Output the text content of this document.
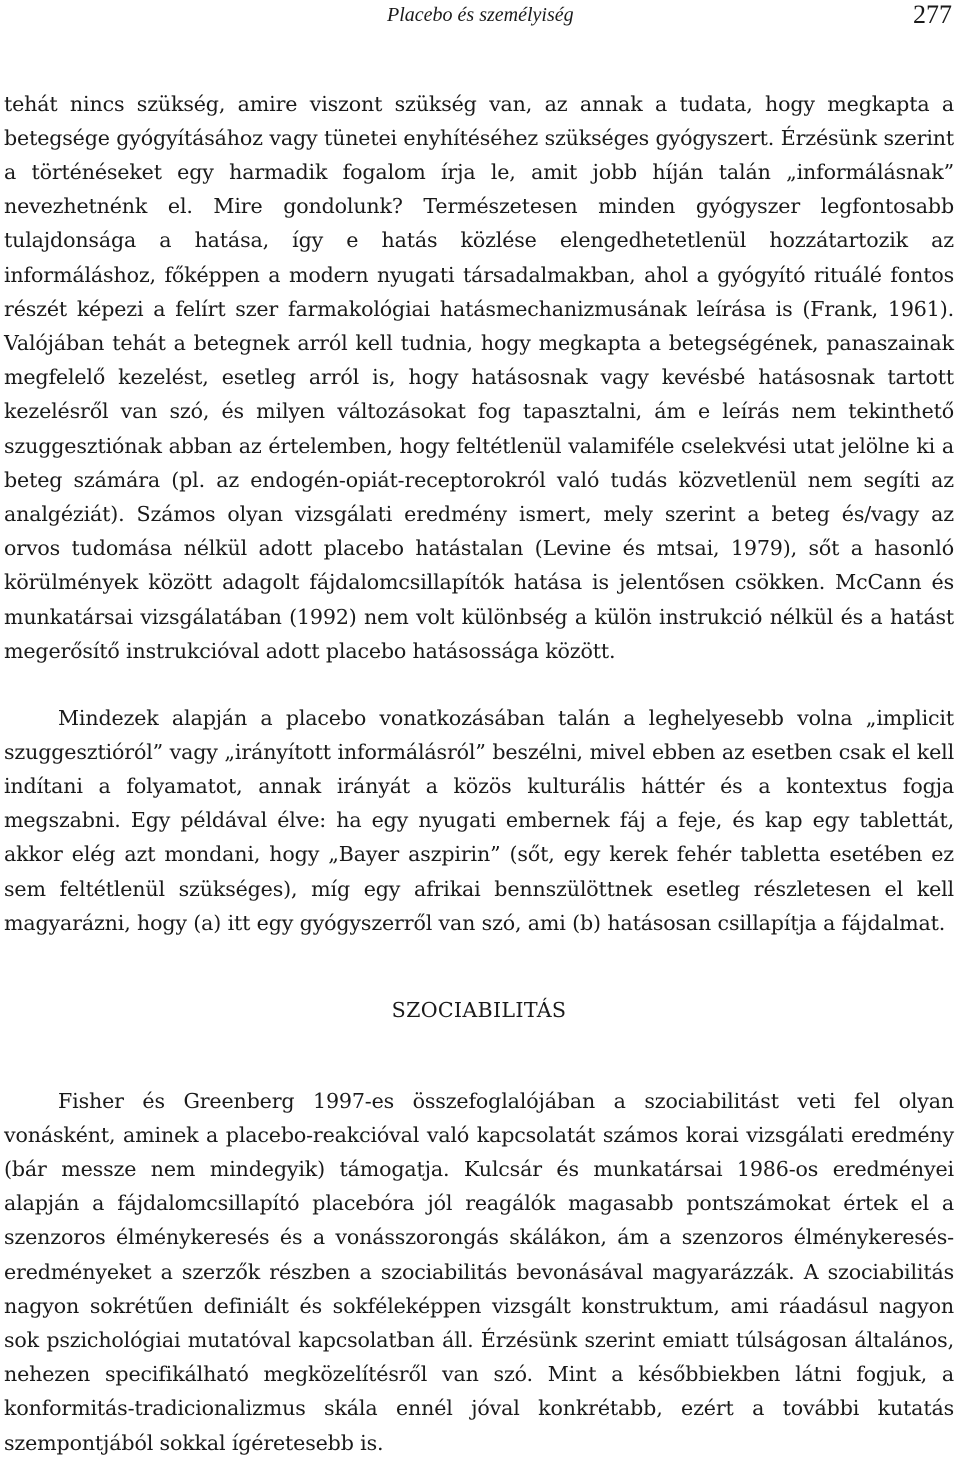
Placebo és személyiség	277

tehát nincs szükség, amire viszont szükség van, az annak a tudata, hogy megkapta a betegsége gyógyításához vagy tünetei enyhítéséhez szükséges gyógyszert. Érzésünk szerint a történéseket egy harmadik fogalom írja le, amit jobb híján talán „informálásnak” nevezhetnénk el. Mire gondolunk? Természetesen minden gyógyszer legfontosabb tulajdonsága a hatása, így e hatás közlése elengedhetetlenül hozzátartozik az informáláshoz, főképpen a modern nyugati társadalmakban, ahol a gyógyító rituálé fontos részét képezi a felírt szer farmakológiai hatásmechanizmusának leírása is (Frank, 1961). Valójában tehát a betegnek arról kell tudnia, hogy megkapta a betegségének, panaszainak megfelelő kezelést, esetleg arról is, hogy hatásosnak vagy kevésbé hatásosnak tartott kezelésről van szó, és milyen változásokat fog tapasztalni, ám e leírás nem tekinthető szuggesztiónak abban az értelemben, hogy feltétlenül valamiféle cselekvési utat jelölne ki a beteg számára (pl. az endogén-opiát-receptorokról való tudás közvetlenül nem segíti az analgéziát). Számos olyan vizsgálati eredmény ismert, mely szerint a beteg és/vagy az orvos tudomása nélkül adott placebo hatástalan (Levine és mtsai, 1979), sőt a hasonló körülmények között adagolt fájdalomcsillapítók hatása is jelentősen csökken. McCann és munkatársai vizsgálatában (1992) nem volt különbség a külön instrukció nélkül és a hatást megerősítő instrukcióval adott placebo hatásossága között.

Mindezek alapján a placebo vonatkozásában talán a leghelyesebb volna „implicit szuggesztióról” vagy „irányított informálásról” beszélni, mivel ebben az esetben csak el kell indítani a folyamatot, annak irányát a közös kulturális háttér és a kontextus fogja megszabni. Egy példával élve: ha egy nyugati embernek fáj a feje, és kap egy tablettát, akkor elég azt mondani, hogy „Bayer aszpirin” (sőt, egy kerek fehér tabletta esetében ez sem feltétlenül szükséges), míg egy afrikai bennszülöttnek esetleg részletesen el kell magyarázni, hogy (a) itt egy gyógyszerről van szó, ami (b) hatásosan csillapítja a fájdalmat.

SZOCIABILITÁS

Fisher és Greenberg 1997-es összefoglalójában a szociabilitást veti fel olyan vonásként, aminek a placebo-reakcióval való kapcsolatát számos korai vizsgálati eredmény (bár messze nem mindegyik) támogatja. Kulcsár és munkatársai 1986-os eredményei alapján a fájdalomcsillapító placebóra jól reagálók magasabb pontszámokat értek el a szenzoros élménykeresés és a vonásszorongás skálákon, ám a szenzoros élménykeresés-eredményeket a szerzők részben a szociabilitás bevonásával magyarázzák. A szociabilitás nagyon sokrétűen definiált és sokféleképpen vizsgált konstruktum, ami ráadásul nagyon sok pszichológiai mutatóval kapcsolatban áll. Érzésünk szerint emiatt túlságosan általános, nehezen specifikálható megközelítésről van szó. Mint a későbbiekben látni fogjuk, a konformitás-tradicionalizmus skála ennél jóval konkrétabb, ezért a további kutatás szempontjából sokkal ígéretesebb is.
